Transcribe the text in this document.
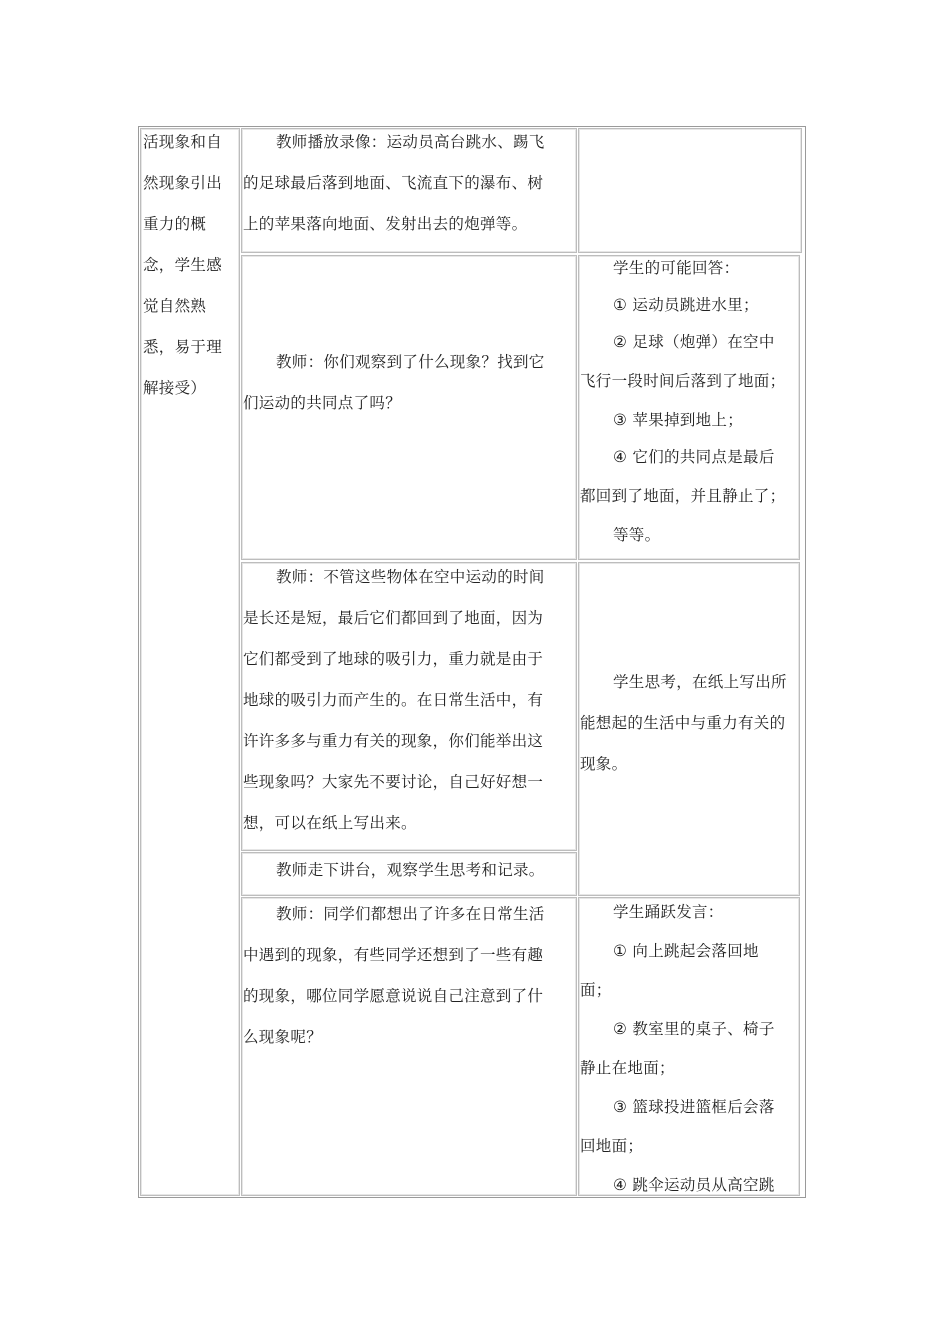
活现象和自

然现象引出

重力的概

念，学生感

觉自然熟

悉，易于理

解接受）

教师播放录像：运动员高台跳水、踢飞

的足球最后落到地面、飞流直下的瀑布、树

上的苹果落向地面、发射出去的炮弹等。

教师：你们观察到了什么现象？找到它

们运动的共同点了吗？

学生的可能回答：

① 运动员跳进水里；

② 足球（炮弹）在空中

飞行一段时间后落到了地面；

③ 苹果掉到地上；

④ 它们的共同点是最后

都回到了地面，并且静止了；

等等。

教师：不管这些物体在空中运动的时间

是长还是短，最后它们都回到了地面，因为

它们都受到了地球的吸引力，重力就是由于

地球的吸引力而产生的。在日常生活中，有

许许多多与重力有关的现象，你们能举出这

些现象吗？大家先不要讨论，自己好好想一

想，可以在纸上写出来。

教师走下讲台，观察学生思考和记录。

学生思考，在纸上写出所

能想起的生活中与重力有关的

现象。

教师：同学们都想出了许多在日常生活

中遇到的现象，有些同学还想到了一些有趣

的现象，哪位同学愿意说说自己注意到了什

么现象呢？

学生踊跃发言：

① 向上跳起会落回地

面；

② 教室里的桌子、椅子

静止在地面；

③ 篮球投进篮框后会落

回地面；

④ 跳伞运动员从高空跳
